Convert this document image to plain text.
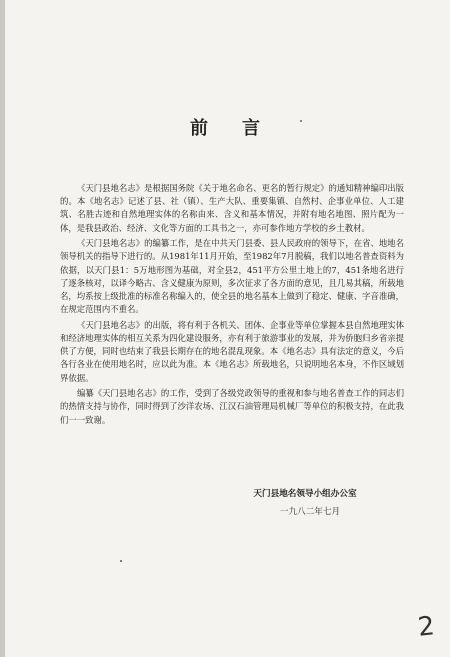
前言

《天门县地名志》是根据国务院《关于地名命名、更名的暂行规定》的通知精神编印出版的。本《地名志》记述了县、社（镇）、生产大队、重要集镇、自然村、企事业单位、人工建筑、名胜古迹和自然地理实体的名称由来、含义和基本情况，并附有地名地图、照片配为一体，是我县政治、经济、文化等方面的工具书之一，亦可参作地方学校的乡土教材。

《天门县地名志》的编纂工作，是在中共天门县委、县人民政府的领导下，在省、地地名领导机关的指导下进行的。从1981年11月开始，至1982年7月脱稿，我们以地名普查资料为依据，以天门县1：5万地形图为基础，对全县2，451平方公里土地上的7，451条地名进行了逐条核对，以译今略古、含义健康为原则，多次征求了各方面的意见，且几易其稿，所载地名，均系按上级批准的标准名称编入的，使全县的地名基本上做到了稳定、健康、字音准确，在规定范围内不重名。

《天门县地名志》的出版，将有利于各机关、团体、企事业等单位掌握本县自然地理实体和经济地理实体的相互关系为四化建设服务，亦有利于旅游事业的发展，并为侨胞归乡省亲提供了方便，同时也结束了我县长期存在的地名混乱现象。本《地名志》具有法定的意义，今后各行各业在使用地名时，应以此为准。本《地名志》所载地名，只说明地名本身，不作区域划界依据。

编纂《天门县地名志》的工作，受到了各级党政领导的重视和参与地名普查工作的同志们的热情支持与协作，同时得到了沙洋农场、江汉石油管理局机械厂等单位的积极支持，在此我们一一致谢。

天门县地名领导小组办公室
一九八二年七月
2
